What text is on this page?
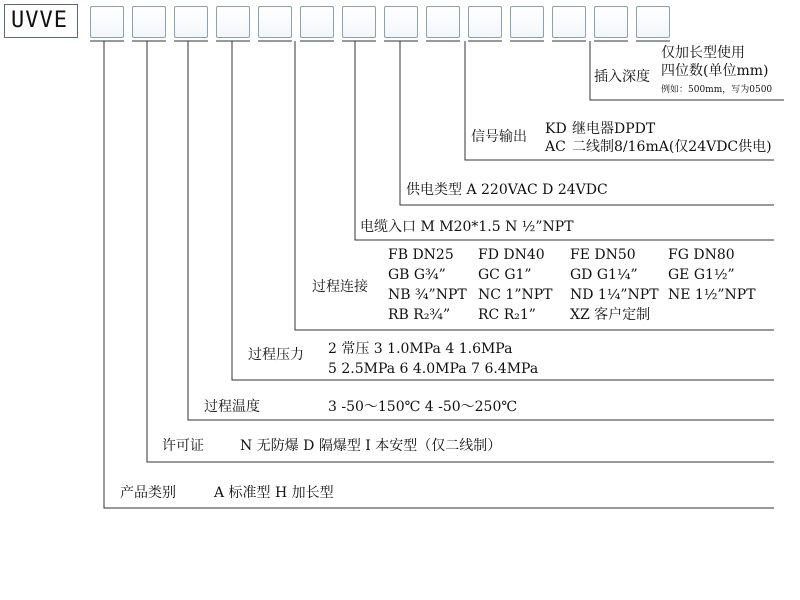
UVVE
仅加长型使用
四位数(单位mm)
插入深度
例如：500mm，写为0500
信号输出 KD 继电器DPDT
AC 二线制8/16mA(仅24VDC供电)
供电类型 A 220VAC D 24VDC
电缆入口 M M20*1.5 N ½”NPT
过程连接
FB DN25 FD DN40 FE DN50 FG DN80
GB G¾” GC G1”	GD G1¼” GE G1½”
NB ¾”NPT NC 1”NPT ND 1¼”NPT NE 1½”NPT
RB R₂¾” RC R₂1” XZ 客户定制
过程压力 2 常压 3 1.0MPa 4 1.6MPa
5 2.5MPa 6 4.0MPa 7 6.4MPa
过程温度	3 -50～150℃ 4 -50～250℃
许可证	N 无防爆 D 隔爆型 I 本安型（仅二线制）
产品类别	A 标准型 H 加长型
